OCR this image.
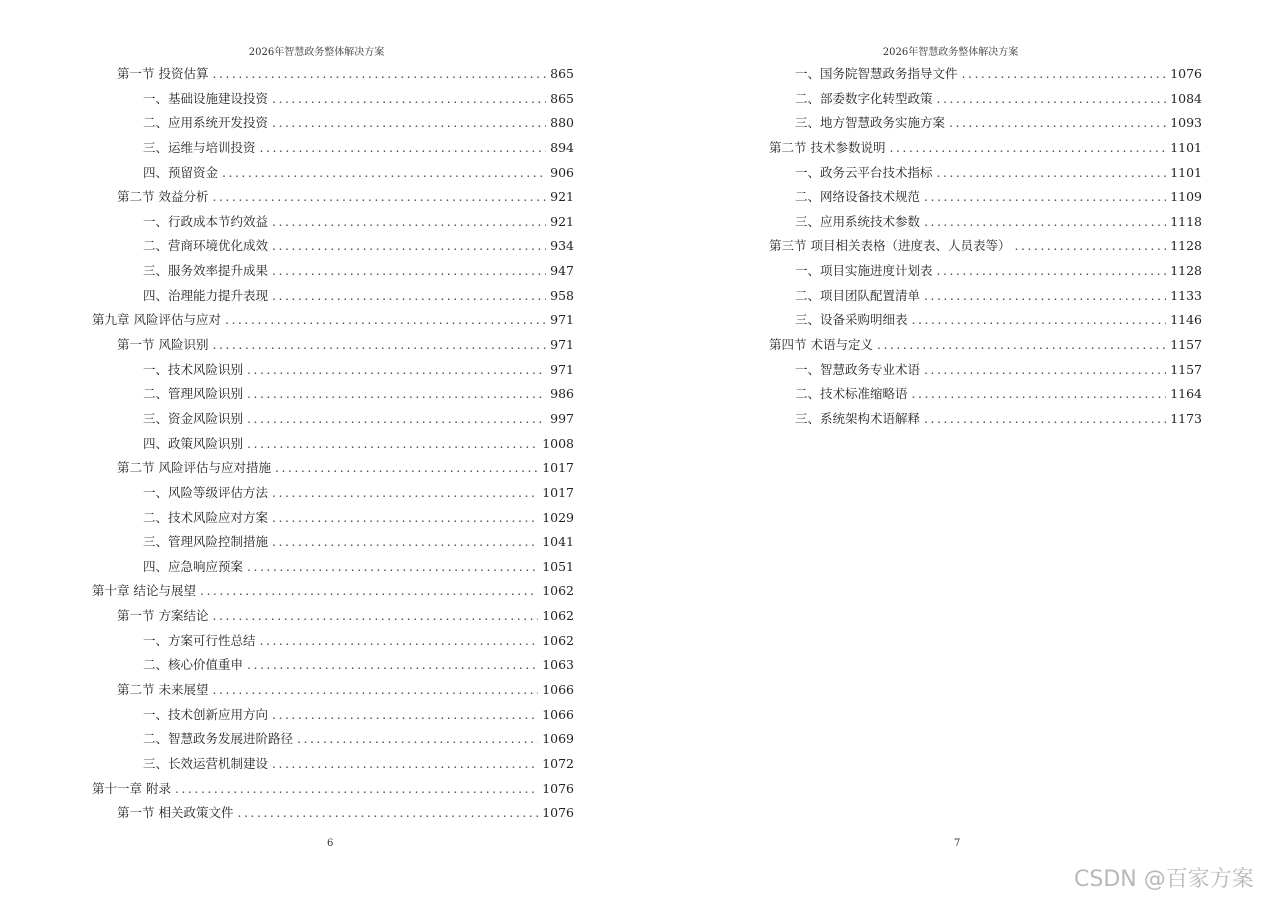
2026年智慧政务整体解决方案
第一节 投资估算 .....	865
一、基础设施建设投资 .....	865
二、应用系统开发投资 .....	880
三、运维与培训投资 .....	894
四、预留资金 .....	906
第二节 效益分析 .....	921
一、行政成本节约效益 .....	921
二、营商环境优化成效 .....	934
三、服务效率提升成果 .....	947
四、治理能力提升表现 .....	958
第九章 风险评估与应对 .....	971
第一节 风险识别 .....	971
一、技术风险识别 .....	971
二、管理风险识别 .....	986
三、资金风险识别 .....	997
四、政策风险识别 .....	1008
第二节 风险评估与应对措施 .....	1017
一、风险等级评估方法 .....	1017
二、技术风险应对方案 .....	1029
三、管理风险控制措施 .....	1041
四、应急响应预案 .....	1051
第十章 结论与展望 .....	1062
第一节 方案结论 .....	1062
一、方案可行性总结 .....	1062
二、核心价值重申 .....	1063
第二节 未来展望 .....	1066
一、技术创新应用方向 .....	1066
二、智慧政务发展进阶路径 .....	1069
三、长效运营机制建设 .....	1072
第十一章 附录 .....	1076
第一节 相关政策文件 .....	1076
6
2026年智慧政务整体解决方案
一、国务院智慧政务指导文件 .....	1076
二、部委数字化转型政策 .....	1084
三、地方智慧政务实施方案 .....	1093
第二节 技术参数说明 .....	1101
一、政务云平台技术指标 .....	1101
二、网络设备技术规范 .....	1109
三、应用系统技术参数 .....	1118
第三节 项目相关表格（进度表、人员表等） .....	1128
一、项目实施进度计划表 .....	1128
二、项目团队配置清单 .....	1133
三、设备采购明细表 .....	1146
第四节 术语与定义 .....	1157
一、智慧政务专业术语 .....	1157
二、技术标准缩略语 .....	1164
三、系统架构术语解释 .....	1173
7
CSDN @百家方案
